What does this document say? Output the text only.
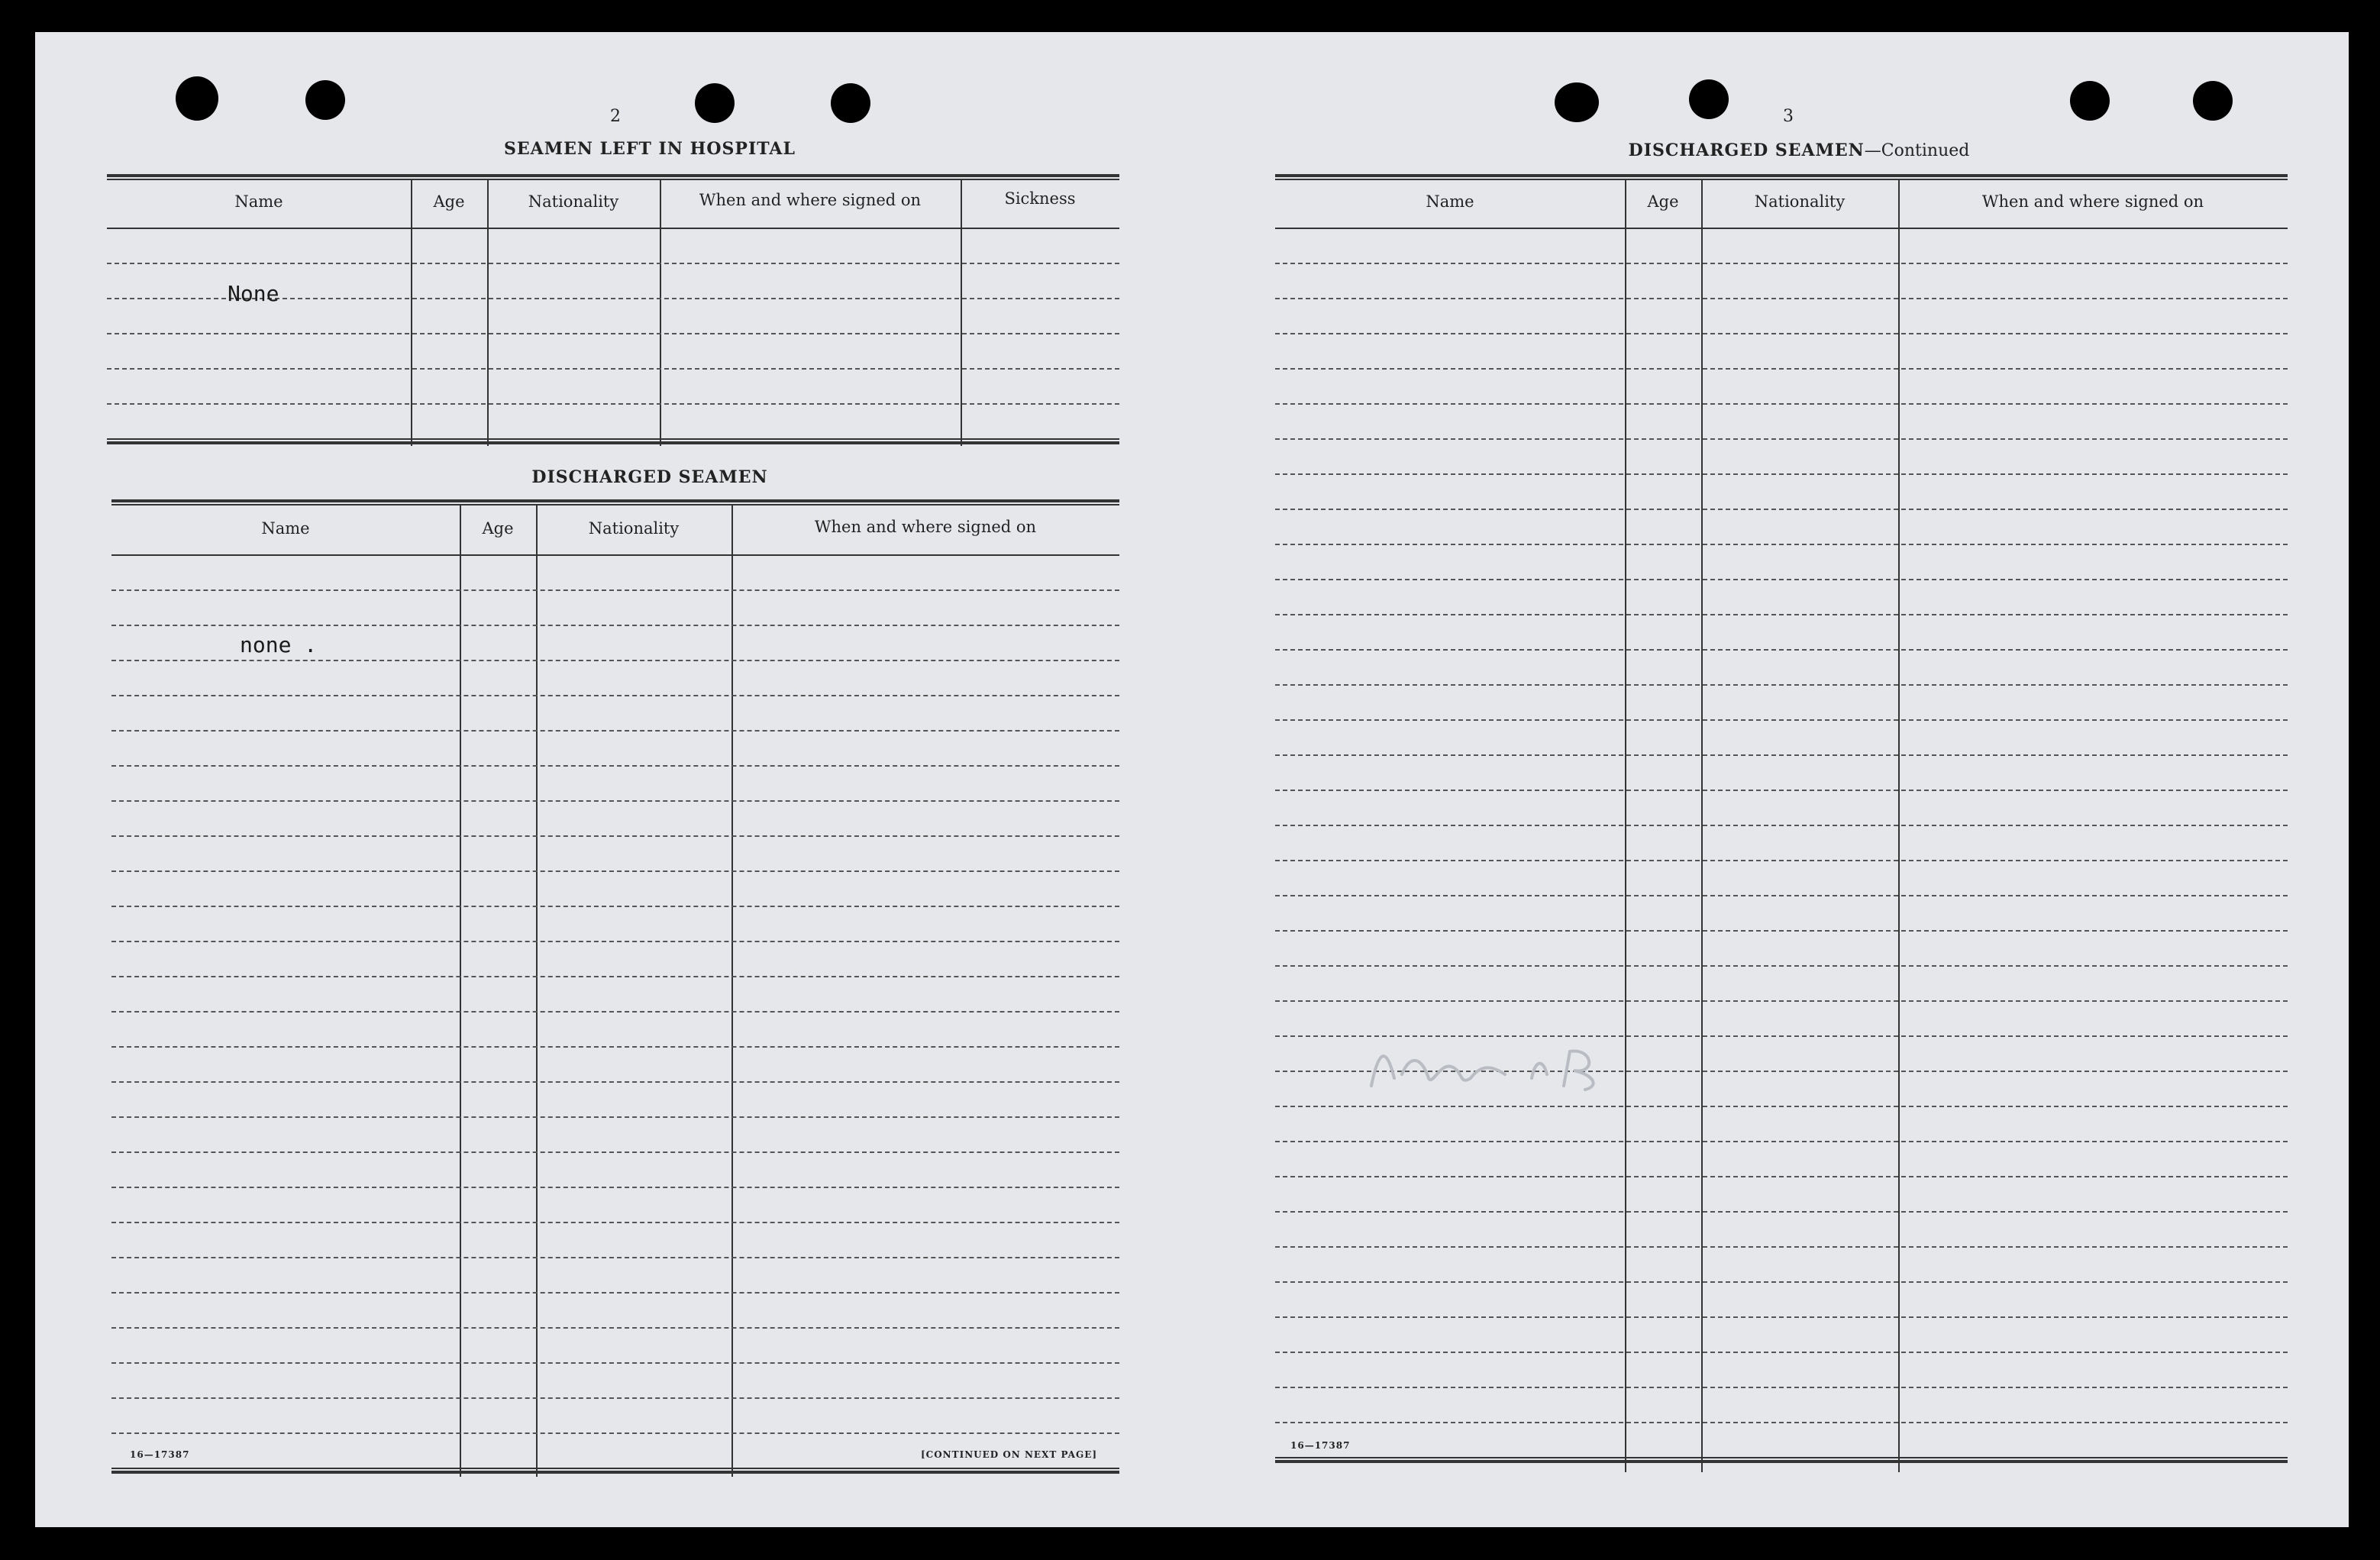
2
SEAMEN LEFT IN HOSPITAL
Name	Age	Nationality	When and where signed on	Sickness
None
DISCHARGED SEAMEN
Name	Age	Nationality	When and where signed on
none .
16—17387	[CONTINUED ON NEXT PAGE]
3
DISCHARGED SEAMEN—Continued
Name	Age	Nationality	When and where signed on
16—17387
